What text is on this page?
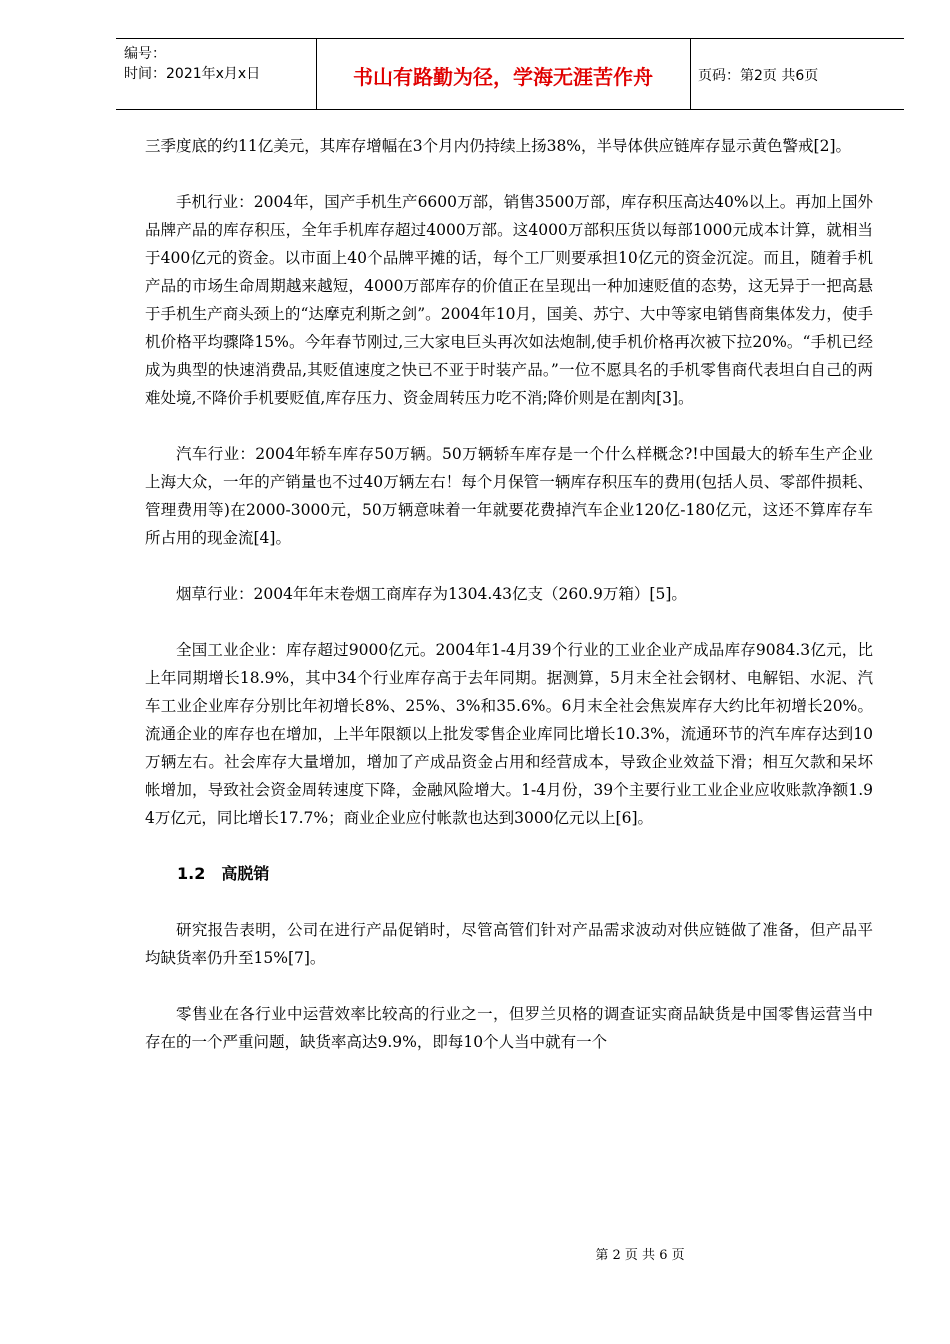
编号：
时间：2021年x月x日	书山有路勤为径，学海无涯苦作舟	页码：第2页 共6页

三季度底的约11亿美元，其库存增幅在3个月内仍持续上扬38%，半导体供应链库存显示黄色警戒[2]。

手机行业：2004年，国产手机生产6600万部，销售3500万部，库存积压高达40%以上。再加上国外品牌产品的库存积压，全年手机库存超过4000万部。这4000万部积压货以每部1000元成本计算，就相当于400亿元的资金。以市面上40个品牌平摊的话，每个工厂则要承担10亿元的资金沉淀。而且，随着手机产品的市场生命周期越来越短，4000万部库存的价值正在呈现出一种加速贬值的态势，这无异于一把高悬于手机生产商头颈上的“达摩克利斯之剑”。2004年10月，国美、苏宁、大中等家电销售商集体发力，使手机价格平均骤降15%。今年春节刚过,三大家电巨头再次如法炮制,使手机价格再次被下拉20%。“手机已经成为典型的快速消费品,其贬值速度之快已不亚于时装产品。”一位不愿具名的手机零售商代表坦白自己的两难处境,不降价手机要贬值,库存压力、资金周转压力吃不消;降价则是在割肉[3]。

汽车行业：2004年轿车库存50万辆。50万辆轿车库存是一个什么样概念?!中国最大的轿车生产企业上海大众，一年的产销量也不过40万辆左右！每个月保管一辆库存积压车的费用(包括人员、零部件损耗、管理费用等)在2000-3000元，50万辆意味着一年就要花费掉汽车企业120亿-180亿元，这还不算库存车所占用的现金流[4]。

烟草行业：2004年年末卷烟工商库存为1304.43亿支（260.9万箱）[5]。

全国工业企业：库存超过9000亿元。2004年1-4月39个行业的工业企业产成品库存9084.3亿元，比上年同期增长18.9%，其中34个行业库存高于去年同期。据测算，5月末全社会钢材、电解铝、水泥、汽车工业企业库存分别比年初增长8%、25%、3%和35.6%。6月末全社会焦炭库存大约比年初增长20%。流通企业的库存也在增加，上半年限额以上批发零售企业库同比增长10.3%，流通环节的汽车库存达到10万辆左右。社会库存大量增加，增加了产成品资金占用和经营成本，导致企业效益下滑；相互欠款和呆坏帐增加，导致社会资金周转速度下降，金融风险增大。1-4月份，39个主要行业工业企业应收账款净额1.94万亿元，同比增长17.7%；商业企业应付帐款也达到3000亿元以上[6]。

1.2　高脱销

研究报告表明，公司在进行产品促销时，尽管高管们针对产品需求波动对供应链做了准备，但产品平均缺货率仍升至15%[7]。

零售业在各行业中运营效率比较高的行业之一，但罗兰贝格的调查证实商品缺货是中国零售运营当中存在的一个严重问题，缺货率高达9.9%，即每10个人当中就有一个

第 2 页 共 6 页
